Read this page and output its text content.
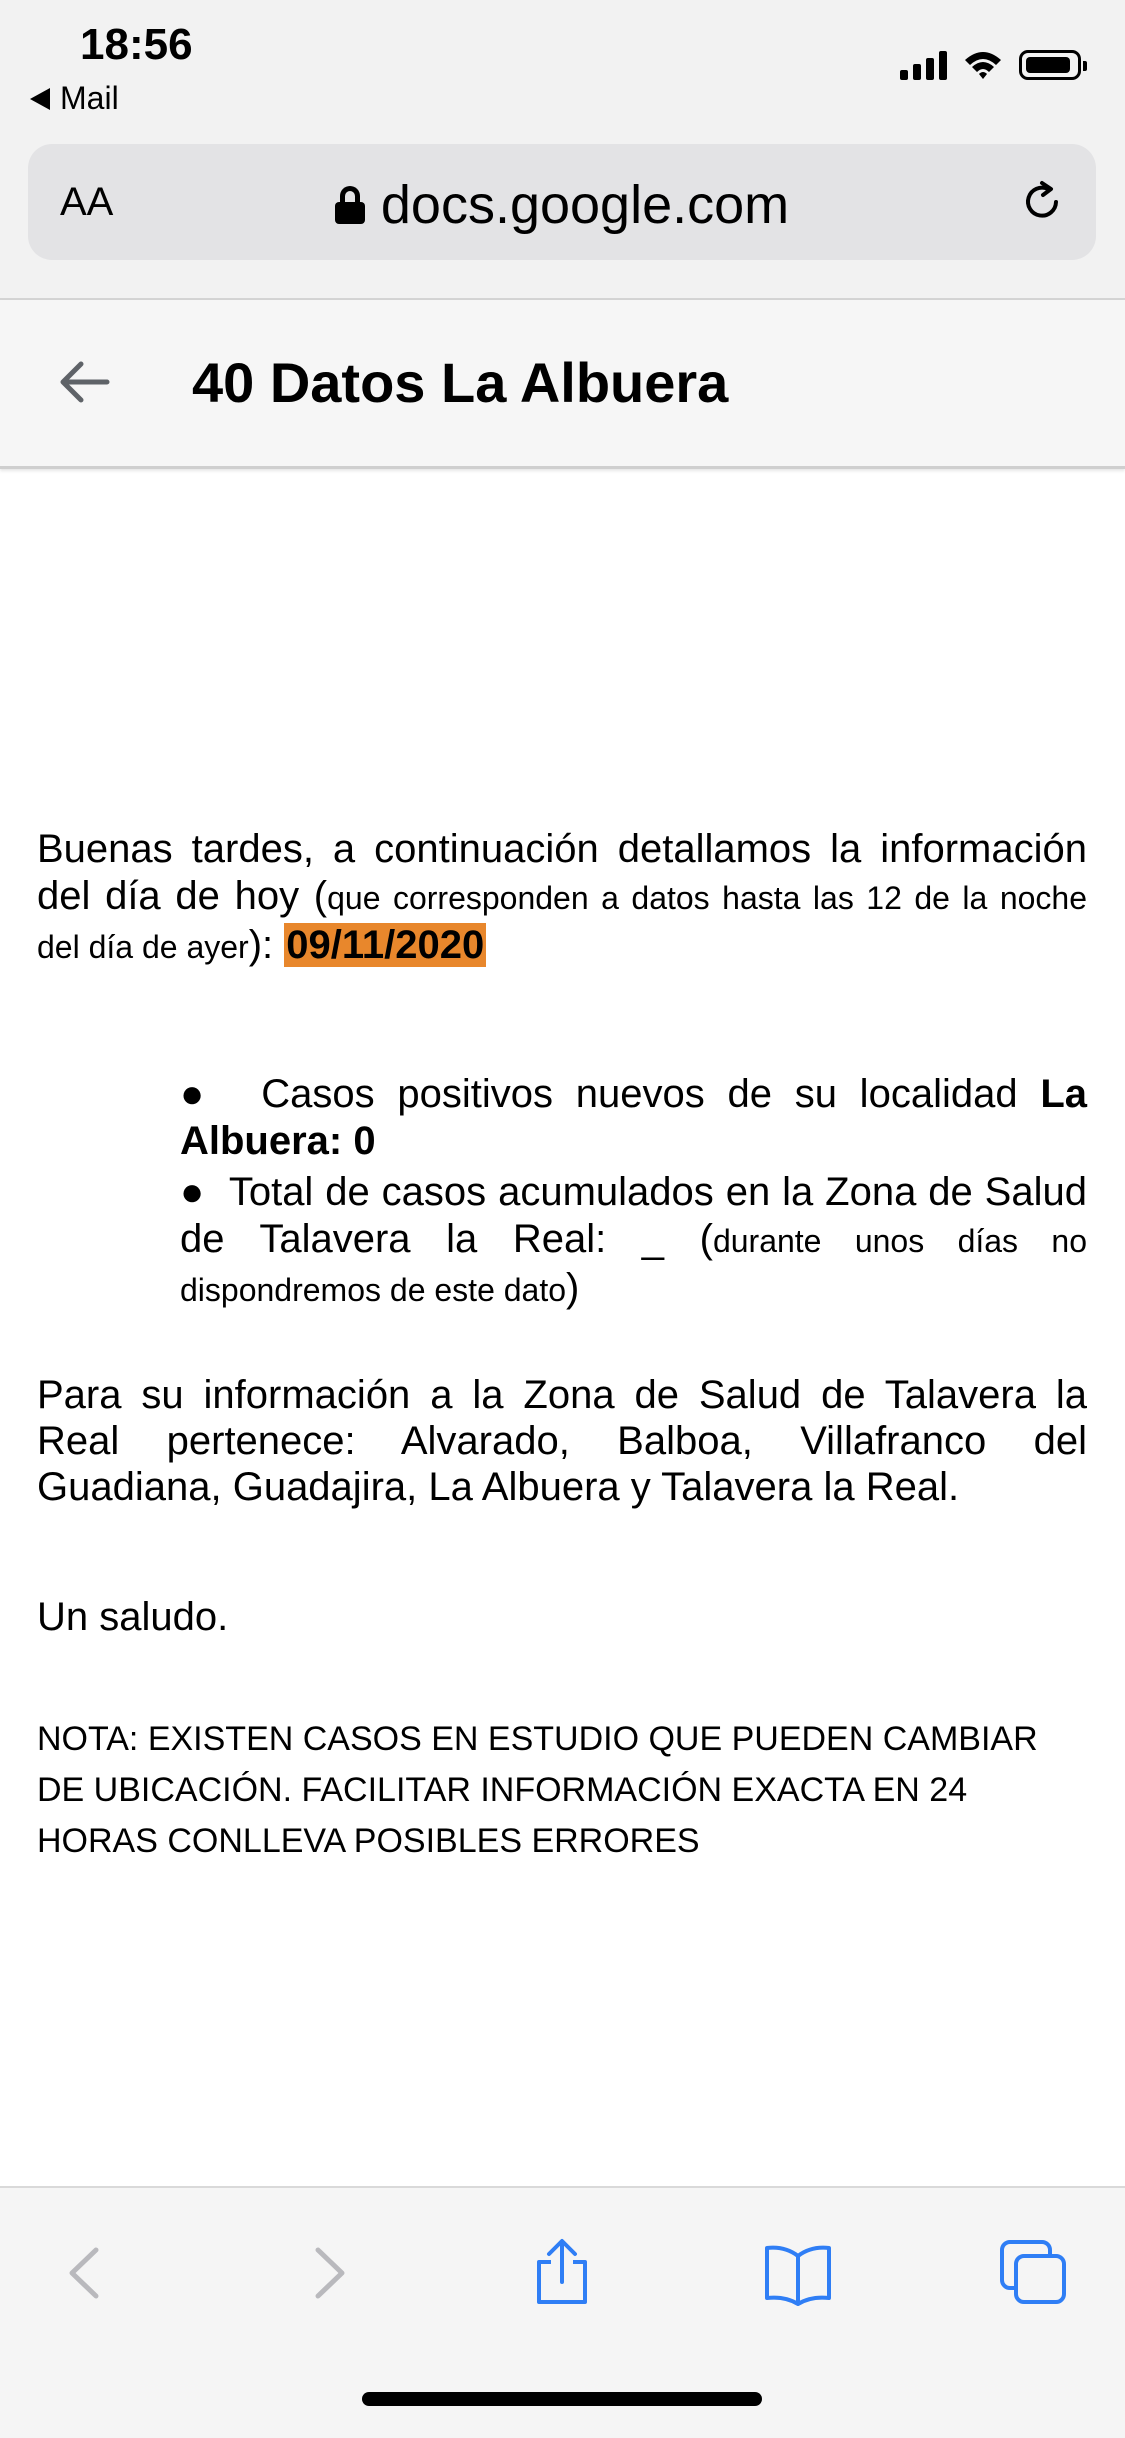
18:56
Mail
AA	docs.google.com
40 Datos La Albuera

Buenas tardes, a continuación detallamos la información del día de hoy (que corresponden a datos hasta las 12 de la noche del día de ayer): 09/11/2020

●  Casos positivos nuevos de su localidad La Albuera: 0
●  Total de casos acumulados en la Zona de Salud de Talavera la Real: _ (durante unos días no dispondremos de este dato)
Para su información a la Zona de Salud de Talavera la Real pertenece: Alvarado, Balboa, Villafranco del Guadiana, Guadajira, La Albuera y Talavera la Real.
Un saludo.
NOTA: EXISTEN CASOS EN ESTUDIO QUE PUEDEN CAMBIAR DE UBICACIÓN. FACILITAR INFORMACIÓN EXACTA EN 24 HORAS CONLLEVA POSIBLES ERRORES
